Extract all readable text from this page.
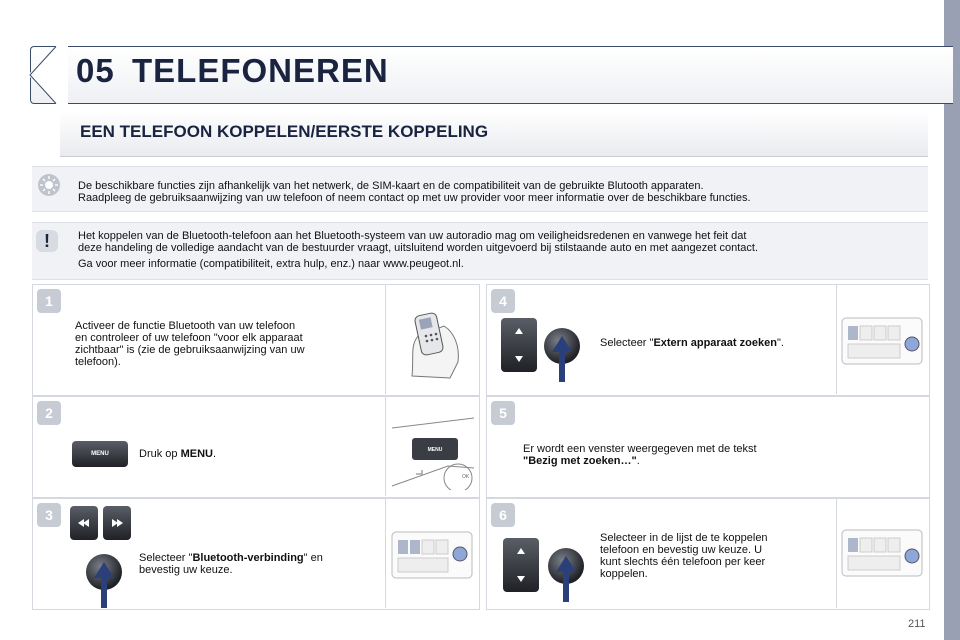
05 TELEFONEREN
EEN TELEFOON KOPPELEN/EERSTE KOPPELING
De beschikbare functies zijn afhankelijk van het netwerk, de SIM-kaart en de compatibiliteit van de gebruikte Blutooth apparaten.
Raadpleeg de gebruiksaanwijzing van uw telefoon of neem contact op met uw provider voor meer informatie over de beschikbare functies.
!	Het koppelen van de Bluetooth-telefoon aan het Bluetooth-systeem van uw autoradio mag om veiligheidsredenen en vanwege het feit dat
deze handeling de volledige aandacht van de bestuurder vraagt, uitsluitend worden uitgevoerd bij stilstaande auto en met aangezet contact.
Ga voor meer informatie (compatibiliteit, extra hulp, enz.) naar www.peugeot.nl.
1
Activeer de functie Bluetooth van uw telefoon
en controleer of uw telefoon "voor elk apparaat
zichtbaar" is (zie de gebruiksaanwijzing van uw
telefoon).
2
MENU	Druk op MENU.	MENU
OK
3
Selecteer "Bluetooth-verbinding" en
bevestig uw keuze.
4
Selecteer "Extern apparaat zoeken".
5
Er wordt een venster weergegeven met de tekst
"Bezig met zoeken…".
6
Selecteer in de lijst de te koppelen
telefoon en bevestig uw keuze. U
kunt slechts één telefoon per keer
koppelen.
211
